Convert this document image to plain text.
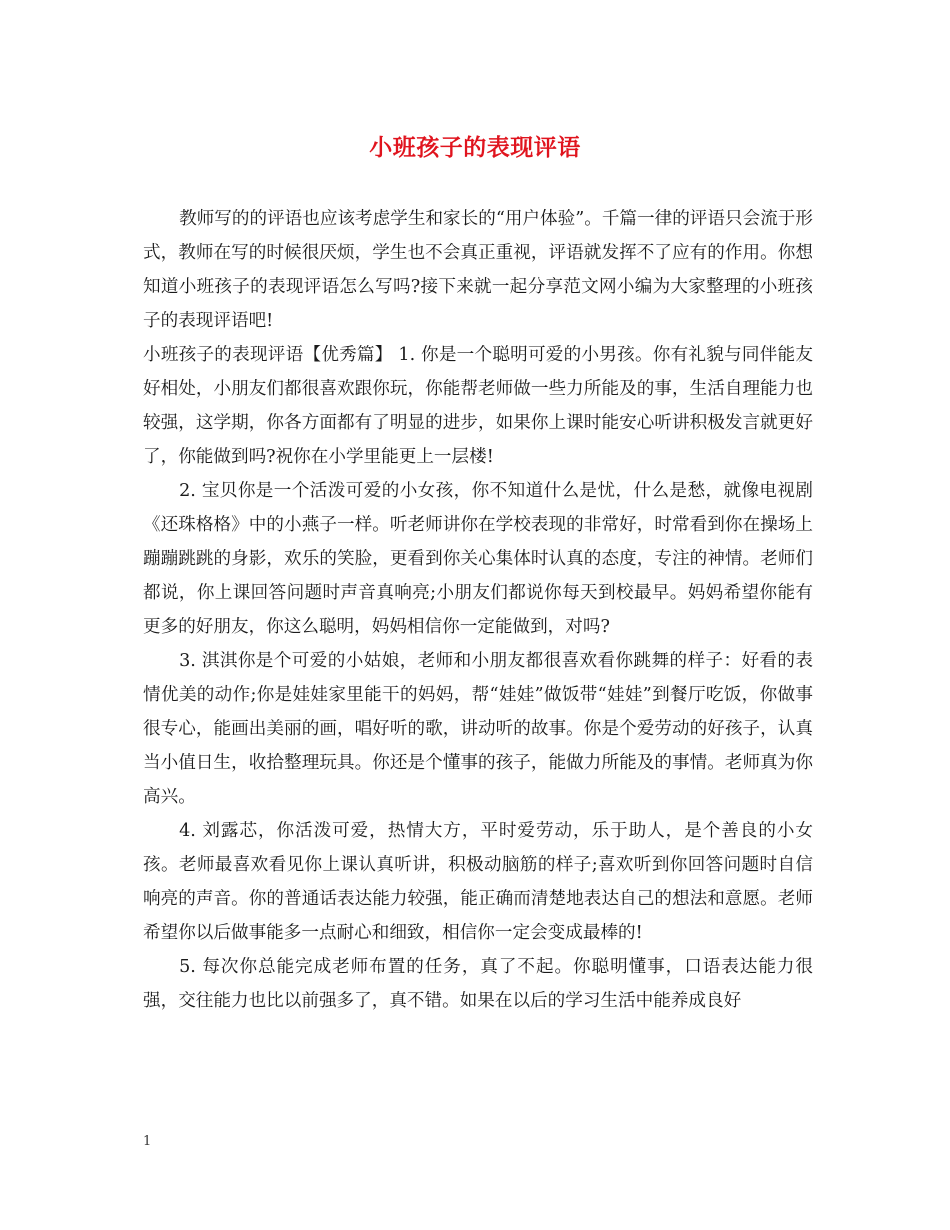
小班孩子的表现评语

教师写的的评语也应该考虑学生和家长的“用户体验”。千篇一律的评语只会流于形式，教师在写的时候很厌烦，学生也不会真正重视，评语就发挥不了应有的作用。你想知道小班孩子的表现评语怎么写吗?接下来就一起分享范文网小编为大家整理的小班孩子的表现评语吧!

小班孩子的表现评语【优秀篇】 1. 你是一个聪明可爱的小男孩。你有礼貌与同伴能友好相处，小朋友们都很喜欢跟你玩，你能帮老师做一些力所能及的事，生活自理能力也较强，这学期，你各方面都有了明显的进步，如果你上课时能安心听讲积极发言就更好了，你能做到吗?祝你在小学里能更上一层楼!

2. 宝贝你是一个活泼可爱的小女孩，你不知道什么是忧，什么是愁，就像电视剧《还珠格格》中的小燕子一样。听老师讲你在学校表现的非常好，时常看到你在操场上蹦蹦跳跳的身影，欢乐的笑脸，更看到你关心集体时认真的态度，专注的神情。老师们都说，你上课回答问题时声音真响亮;小朋友们都说你每天到校最早。妈妈希望你能有更多的好朋友，你这么聪明，妈妈相信你一定能做到，对吗?

3. 淇淇你是个可爱的小姑娘，老师和小朋友都很喜欢看你跳舞的样子：好看的表情优美的动作;你是娃娃家里能干的妈妈，帮“娃娃”做饭带“娃娃”到餐厅吃饭，你做事很专心，能画出美丽的画，唱好听的歌，讲动听的故事。你是个爱劳动的好孩子，认真当小值日生，收拾整理玩具。你还是个懂事的孩子，能做力所能及的事情。老师真为你高兴。

4. 刘露芯，你活泼可爱，热情大方，平时爱劳动，乐于助人，是个善良的小女孩。老师最喜欢看见你上课认真听讲，积极动脑筋的样子;喜欢听到你回答问题时自信响亮的声音。你的普通话表达能力较强，能正确而清楚地表达自己的想法和意愿。老师希望你以后做事能多一点耐心和细致，相信你一定会变成最棒的!

5. 每次你总能完成老师布置的任务，真了不起。你聪明懂事，口语表达能力很强，交往能力也比以前强多了，真不错。如果在以后的学习生活中能养成良好

1
